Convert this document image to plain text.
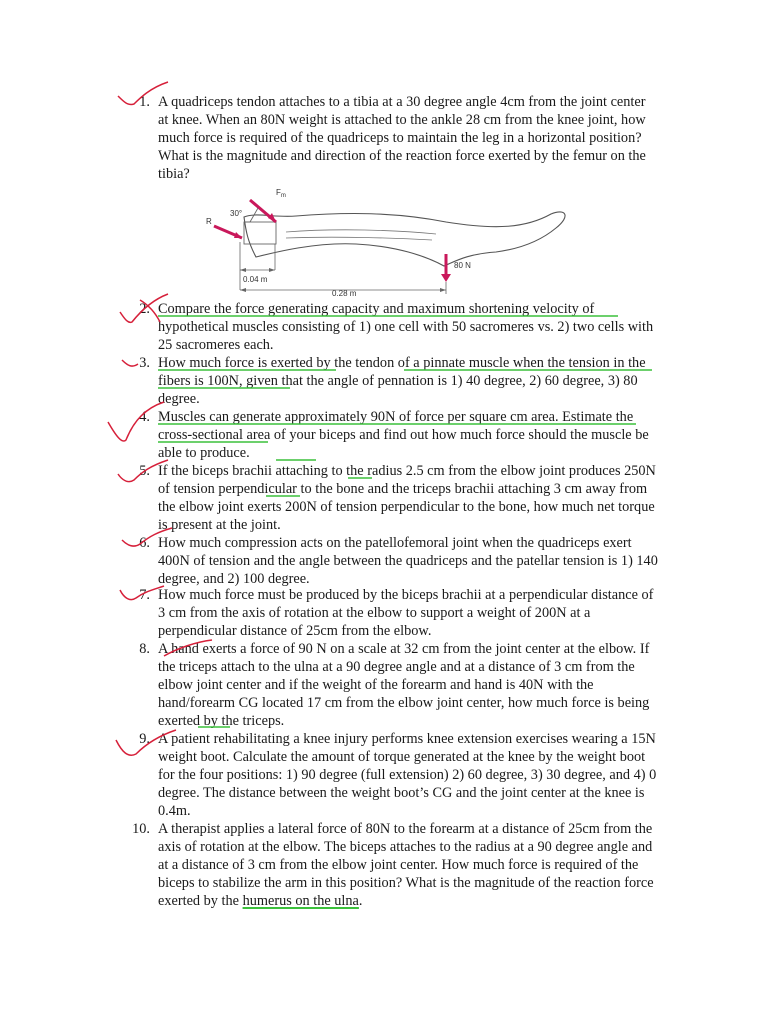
1. A quadriceps tendon attaches to a tibia at a 30 degree angle 4cm from the joint center at knee. When an 80N weight is attached to the ankle 28 cm from the knee joint, how much force is required of the quadriceps to maintain the leg in a horizontal position? What is the magnitude and direction of the reaction force exerted by the femur on the tibia?

$F_m$
30°
R
0.04 m
0.28 m
80 N
2. Compare the force generating capacity and maximum shortening velocity of hypothetical muscles consisting of 1) one cell with 50 sacromeres vs. 2) two cells with 25 sacromeres each.

3. How much force is exerted by the tendon of a pinnate muscle when the tension in the fibers is 100N, given that the angle of pennation is 1) 40 degree, 2) 60 degree, 3) 80 degree.

4. Muscles can generate approximately 90N of force per square cm area. Estimate the cross-sectional area of your biceps and find out how much force should the muscle be able to produce.

5. If the biceps brachii attaching to the radius 2.5 cm from the elbow joint produces 250N of tension perpendicular to the bone and the triceps brachii attaching 3 cm away from the elbow joint exerts 200N of tension perpendicular to the bone, how much net torque is present at the joint.

6. How much compression acts on the patellofemoral joint when the quadriceps exert 400N of tension and the angle between the quadriceps and the patellar tension is 1) 140 degree, and 2) 100 degree.

7. How much force must be produced by the biceps brachii at a perpendicular distance of 3 cm from the axis of rotation at the elbow to support a weight of 200N at a perpendicular distance of 25cm from the elbow.

8. A hand exerts a force of 90 N on a scale at 32 cm from the joint center at the elbow. If the triceps attach to the ulna at a 90 degree angle and at a distance of 3 cm from the elbow joint center and if the weight of the forearm and hand is 40N with the hand/forearm CG located 17 cm from the elbow joint center, how much force is being exerted by the triceps.

9. A patient rehabilitating a knee injury performs knee extension exercises wearing a 15N weight boot. Calculate the amount of torque generated at the knee by the weight boot for the four positions: 1) 90 degree (full extension) 2) 60 degree, 3) 30 degree, and 4) 0 degree. The distance between the weight boot’s CG and the joint center at the knee is 0.4m.

10. A therapist applies a lateral force of 80N to the forearm at a distance of 25cm from the axis of rotation at the elbow. The biceps attaches to the radius at a 90 degree angle and at a distance of 3 cm from the elbow joint center. How much force is required of the biceps to stabilize the arm in this position? What is the magnitude of the reaction force exerted by the humerus on the ulna.
